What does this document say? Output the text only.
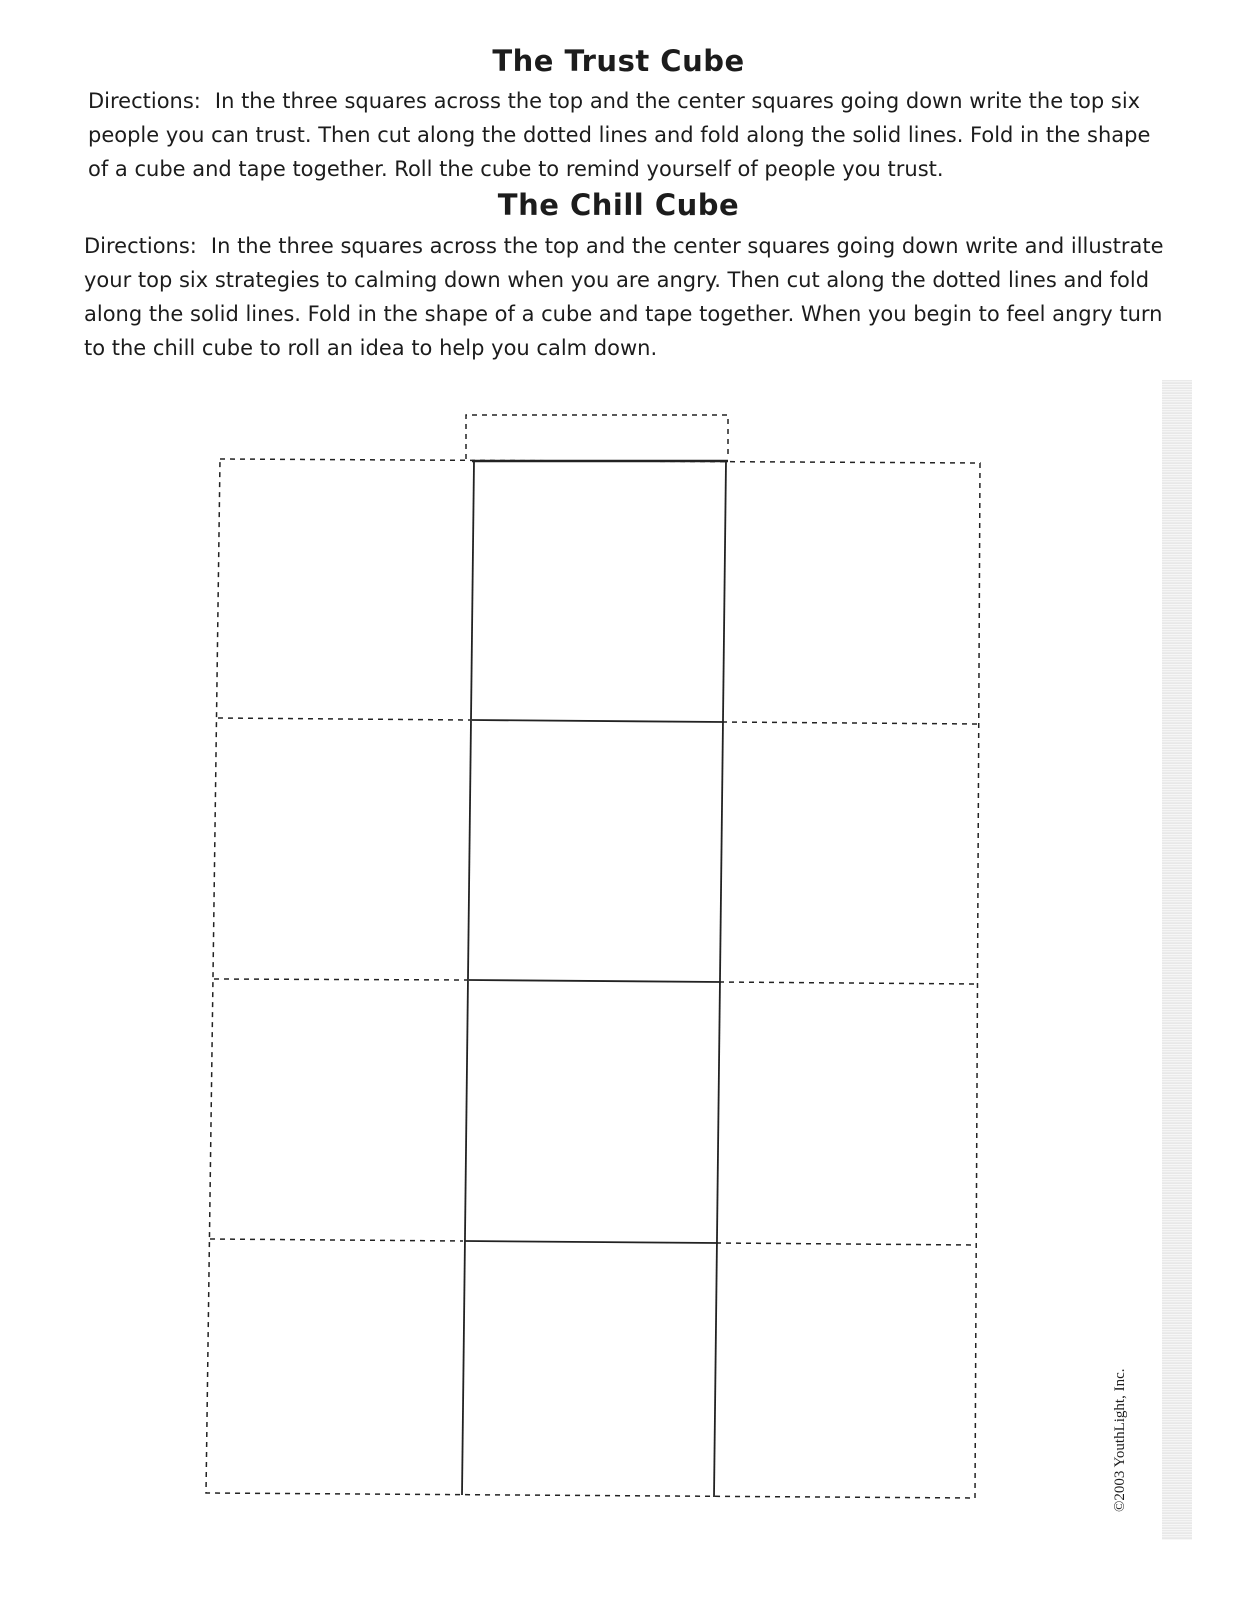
The Trust Cube

Directions: In the three squares across the top and the center squares going down write the top six people you can trust. Then cut along the dotted lines and fold along the solid lines. Fold in the shape of a cube and tape together. Roll the cube to remind yourself of people you trust.

The Chill Cube

Directions: In the three squares across the top and the center squares going down write and illustrate your top six strategies to calming down when you are angry. Then cut along the dotted lines and fold along the solid lines. Fold in the shape of a cube and tape together. When you begin to feel angry turn to the chill cube to roll an idea to help you calm down.

©2003 YouthLight, Inc.
